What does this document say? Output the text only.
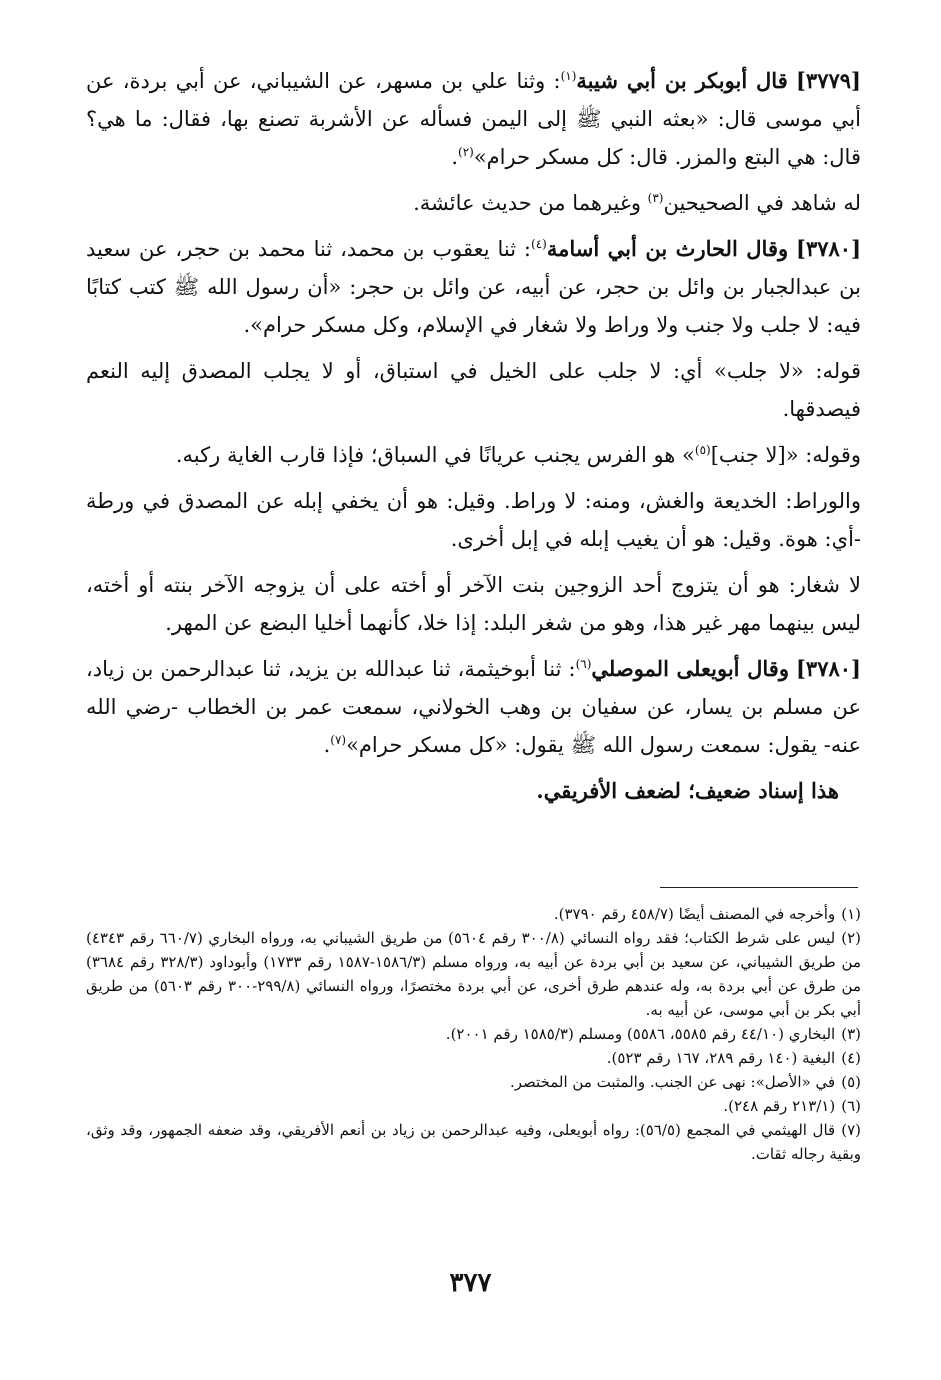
[٣٧٧٩] قال أبوبكر بن أبي شيبة$^{(١)}$: وثنا علي بن مسهر، عن الشيباني، عن أبي بردة، عن أبي موسى قال: «بعثه النبي ﷺ إلى اليمن فسأله عن الأشربة تصنع بها، فقال: ما هي؟ قال: هي البتع والمزر. قال: كل مسكر حرام»$^{(٢)}$.

له شاهد في الصحيحين$^{(٣)}$ وغيرهما من حديث عائشة.

[٣٧٨٠] وقال الحارث بن أبي أسامة$^{(٤)}$: ثنا يعقوب بن محمد، ثنا محمد بن حجر، عن سعيد بن عبدالجبار بن وائل بن حجر، عن أبيه، عن وائل بن حجر: «أن رسول الله ﷺ كتب كتابًا فيه: لا جلب ولا جنب ولا وراط ولا شغار في الإسلام، وكل مسكر حرام».

قوله: «لا جلب» أي: لا جلب على الخيل في استباق، أو لا يجلب المصدق إليه النعم فيصدقها.

وقوله: «[لا جنب]$^{(٥)}$» هو الفرس يجنب عريانًا في السباق؛ فإذا قارب الغاية ركبه.

والوراط: الخديعة والغش، ومنه: لا وراط. وقيل: هو أن يخفي إبله عن المصدق في ورطة -أي: هوة. وقيل: هو أن يغيب إبله في إبل أخرى.

لا شغار: هو أن يتزوج أحد الزوجين بنت الآخر أو أخته على أن يزوجه الآخر بنته أو أخته، ليس بينهما مهر غير هذا، وهو من شغر البلد: إذا خلا، كأنهما أخليا البضع عن المهر.

[٣٧٨٠] وقال أبويعلى الموصلي$^{(٦)}$: ثنا أبوخيثمة، ثنا عبدالله بن يزيد، ثنا عبدالرحمن بن زياد، عن مسلم بن يسار، عن سفيان بن وهب الخولاني، سمعت عمر بن الخطاب -رضي الله عنه- يقول: سمعت رسول الله ﷺ يقول: «كل مسكر حرام»$^{(٧)}$.

هذا إسناد ضعيف؛ لضعف الأفريقي.

(١)وأخرجه في المصنف أيضًا (٤٥٨/٧ رقم ٣٧٩٠).

(٢)ليس على شرط الكتاب؛ فقد رواه النسائي (٣٠٠/٨ رقم ٥٦٠٤) من طريق الشيباني به، ورواه البخاري (٦٦٠/٧ رقم ٤٣٤٣) من طريق الشيباني، عن سعيد بن أبي بردة عن أبيه به، ورواه مسلم (١٥٨٦/٣-١٥٨٧ رقم ١٧٣٣) وأبوداود (٣٢٨/٣ رقم ٣٦٨٤) من طرق عن أبي بردة به، وله عندهم طرق أخرى، عن أبي بردة مختصرًا، ورواه النسائي (٢٩٩/٨-٣٠٠ رقم ٥٦٠٣) من طريق أبي بكر بن أبي موسى، عن أبيه به.

(٣)البخاري (٤٤/١٠ رقم ٥٥٨٥، ٥٥٨٦) ومسلم (١٥٨٥/٣ رقم ٢٠٠١).

(٤)البغية (١٤٠ رقم ٢٨٩، ١٦٧ رقم ٥٢٣).

(٥)في «الأصل»: نهى عن الجنب. والمثبت من المختصر.

(٦)(٢١٣/١ رقم ٢٤٨).

(٧)قال الهيثمي في المجمع (٥٦/٥): رواه أبويعلى، وفيه عبدالرحمن بن زياد بن أنعم الأفريقي، وقد ضعفه الجمهور، وقد وثق، وبقية رجاله ثقات.

٣٧٧
